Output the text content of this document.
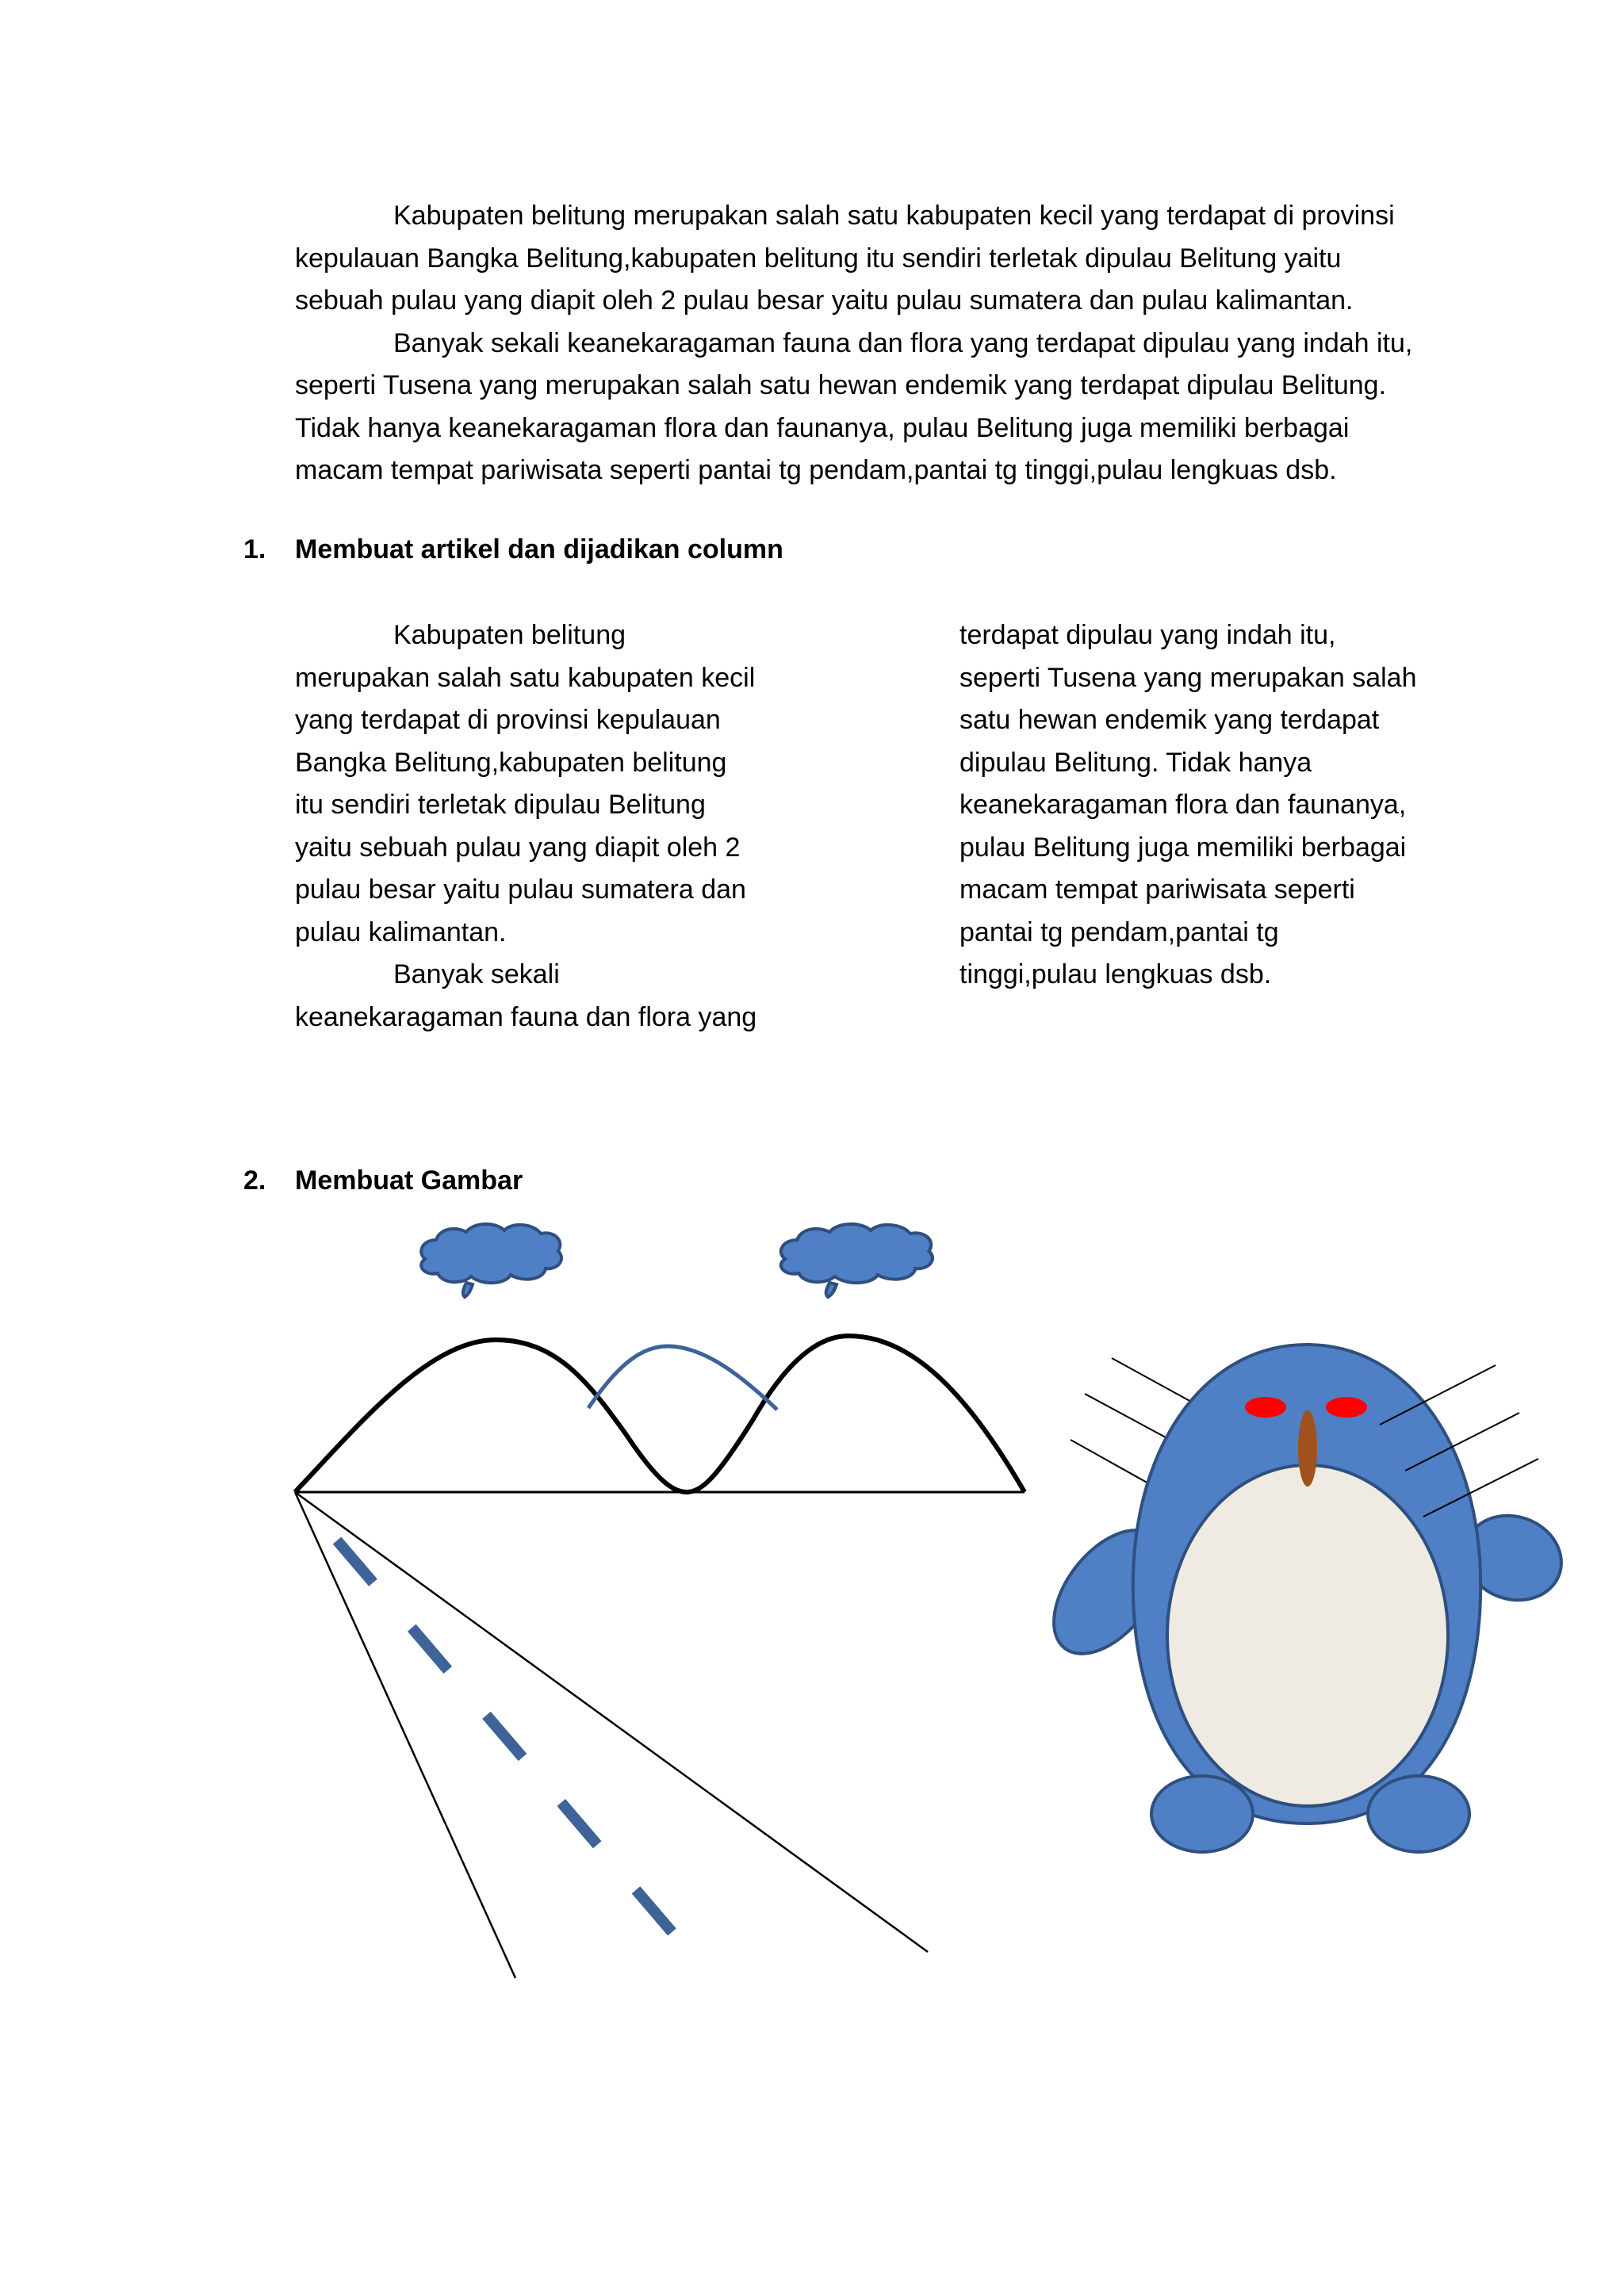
Kabupaten belitung merupakan salah satu kabupaten kecil yang terdapat di provinsi
kepulauan Bangka Belitung,kabupaten belitung itu sendiri terletak dipulau Belitung yaitu
sebuah pulau yang diapit oleh 2 pulau besar yaitu pulau sumatera dan pulau kalimantan.
Banyak sekali keanekaragaman fauna dan flora yang terdapat dipulau yang indah itu,
seperti Tusena yang merupakan salah satu hewan endemik yang terdapat dipulau Belitung.
Tidak hanya keanekaragaman flora dan faunanya, pulau Belitung juga memiliki berbagai
macam tempat pariwisata seperti pantai tg pendam,pantai tg tinggi,pulau lengkuas dsb.
1. Membuat artikel dan dijadikan column
Kabupaten belitung
merupakan salah satu kabupaten kecil
yang terdapat di provinsi kepulauan
Bangka Belitung,kabupaten belitung
itu sendiri terletak dipulau Belitung
yaitu sebuah pulau yang diapit oleh 2
pulau besar yaitu pulau sumatera dan
pulau kalimantan.
Banyak sekali
keanekaragaman fauna dan flora yang
terdapat dipulau yang indah itu,
seperti Tusena yang merupakan salah
satu hewan endemik yang terdapat
dipulau Belitung. Tidak hanya
keanekaragaman flora dan faunanya,
pulau Belitung juga memiliki berbagai
macam tempat pariwisata seperti
pantai tg pendam,pantai tg
tinggi,pulau lengkuas dsb.
2. Membuat Gambar
